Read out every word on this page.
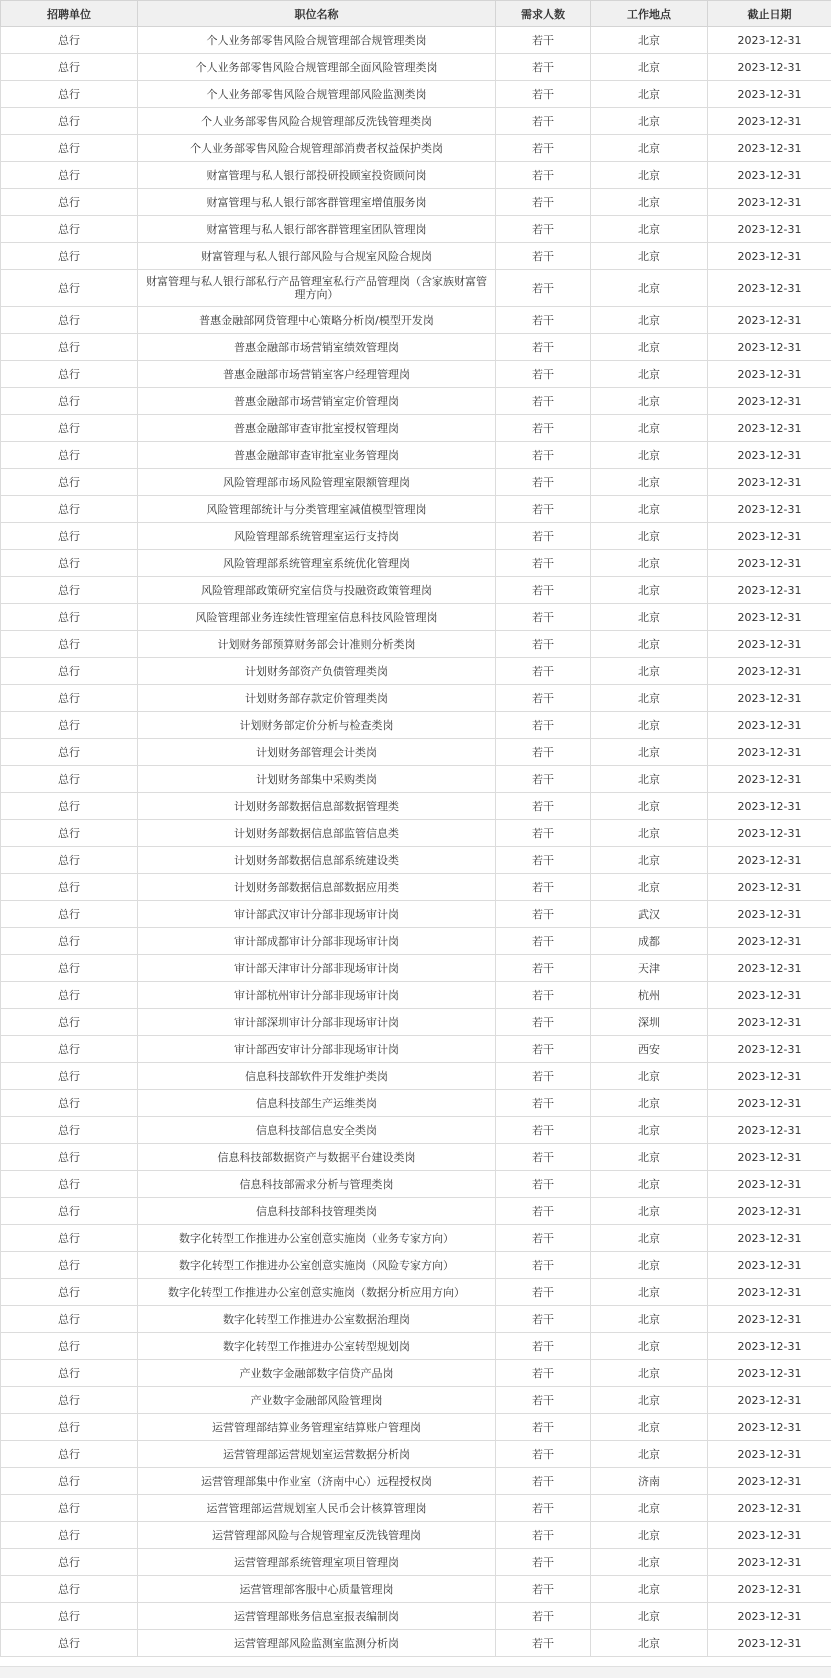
招聘单位	职位名称	需求人数	工作地点	截止日期
总行	个人业务部零售风险合规管理部合规管理类岗	若干	北京	2023-12-31
总行	个人业务部零售风险合规管理部全面风险管理类岗	若干	北京	2023-12-31
总行	个人业务部零售风险合规管理部风险监测类岗	若干	北京	2023-12-31
总行	个人业务部零售风险合规管理部反洗钱管理类岗	若干	北京	2023-12-31
总行	个人业务部零售风险合规管理部消费者权益保护类岗	若干	北京	2023-12-31
总行	财富管理与私人银行部投研投顾室投资顾问岗	若干	北京	2023-12-31
总行	财富管理与私人银行部客群管理室增值服务岗	若干	北京	2023-12-31
总行	财富管理与私人银行部客群管理室团队管理岗	若干	北京	2023-12-31
总行	财富管理与私人银行部风险与合规室风险合规岗	若干	北京	2023-12-31
总行	财富管理与私人银行部私行产品管理室私行产品管理岗（含家族财富管理方向）	若干	北京	2023-12-31
总行	普惠金融部网贷管理中心策略分析岗/模型开发岗	若干	北京	2023-12-31
总行	普惠金融部市场营销室绩效管理岗	若干	北京	2023-12-31
总行	普惠金融部市场营销室客户经理管理岗	若干	北京	2023-12-31
总行	普惠金融部市场营销室定价管理岗	若干	北京	2023-12-31
总行	普惠金融部审查审批室授权管理岗	若干	北京	2023-12-31
总行	普惠金融部审查审批室业务管理岗	若干	北京	2023-12-31
总行	风险管理部市场风险管理室限额管理岗	若干	北京	2023-12-31
总行	风险管理部统计与分类管理室减值模型管理岗	若干	北京	2023-12-31
总行	风险管理部系统管理室运行支持岗	若干	北京	2023-12-31
总行	风险管理部系统管理室系统优化管理岗	若干	北京	2023-12-31
总行	风险管理部政策研究室信贷与投融资政策管理岗	若干	北京	2023-12-31
总行	风险管理部业务连续性管理室信息科技风险管理岗	若干	北京	2023-12-31
总行	计划财务部预算财务部会计准则分析类岗	若干	北京	2023-12-31
总行	计划财务部资产负债管理类岗	若干	北京	2023-12-31
总行	计划财务部存款定价管理类岗	若干	北京	2023-12-31
总行	计划财务部定价分析与检查类岗	若干	北京	2023-12-31
总行	计划财务部管理会计类岗	若干	北京	2023-12-31
总行	计划财务部集中采购类岗	若干	北京	2023-12-31
总行	计划财务部数据信息部数据管理类	若干	北京	2023-12-31
总行	计划财务部数据信息部监管信息类	若干	北京	2023-12-31
总行	计划财务部数据信息部系统建设类	若干	北京	2023-12-31
总行	计划财务部数据信息部数据应用类	若干	北京	2023-12-31
总行	审计部武汉审计分部非现场审计岗	若干	武汉	2023-12-31
总行	审计部成都审计分部非现场审计岗	若干	成都	2023-12-31
总行	审计部天津审计分部非现场审计岗	若干	天津	2023-12-31
总行	审计部杭州审计分部非现场审计岗	若干	杭州	2023-12-31
总行	审计部深圳审计分部非现场审计岗	若干	深圳	2023-12-31
总行	审计部西安审计分部非现场审计岗	若干	西安	2023-12-31
总行	信息科技部软件开发维护类岗	若干	北京	2023-12-31
总行	信息科技部生产运维类岗	若干	北京	2023-12-31
总行	信息科技部信息安全类岗	若干	北京	2023-12-31
总行	信息科技部数据资产与数据平台建设类岗	若干	北京	2023-12-31
总行	信息科技部需求分析与管理类岗	若干	北京	2023-12-31
总行	信息科技部科技管理类岗	若干	北京	2023-12-31
总行	数字化转型工作推进办公室创意实施岗（业务专家方向）	若干	北京	2023-12-31
总行	数字化转型工作推进办公室创意实施岗（风险专家方向）	若干	北京	2023-12-31
总行	数字化转型工作推进办公室创意实施岗（数据分析应用方向）	若干	北京	2023-12-31
总行	数字化转型工作推进办公室数据治理岗	若干	北京	2023-12-31
总行	数字化转型工作推进办公室转型规划岗	若干	北京	2023-12-31
总行	产业数字金融部数字信贷产品岗	若干	北京	2023-12-31
总行	产业数字金融部风险管理岗	若干	北京	2023-12-31
总行	运营管理部结算业务管理室结算账户管理岗	若干	北京	2023-12-31
总行	运营管理部运营规划室运营数据分析岗	若干	北京	2023-12-31
总行	运营管理部集中作业室（济南中心）远程授权岗	若干	济南	2023-12-31
总行	运营管理部运营规划室人民币会计核算管理岗	若干	北京	2023-12-31
总行	运营管理部风险与合规管理室反洗钱管理岗	若干	北京	2023-12-31
总行	运营管理部系统管理室项目管理岗	若干	北京	2023-12-31
总行	运营管理部客服中心质量管理岗	若干	北京	2023-12-31
总行	运营管理部账务信息室报表编制岗	若干	北京	2023-12-31
总行	运营管理部风险监测室监测分析岗	若干	北京	2023-12-31
